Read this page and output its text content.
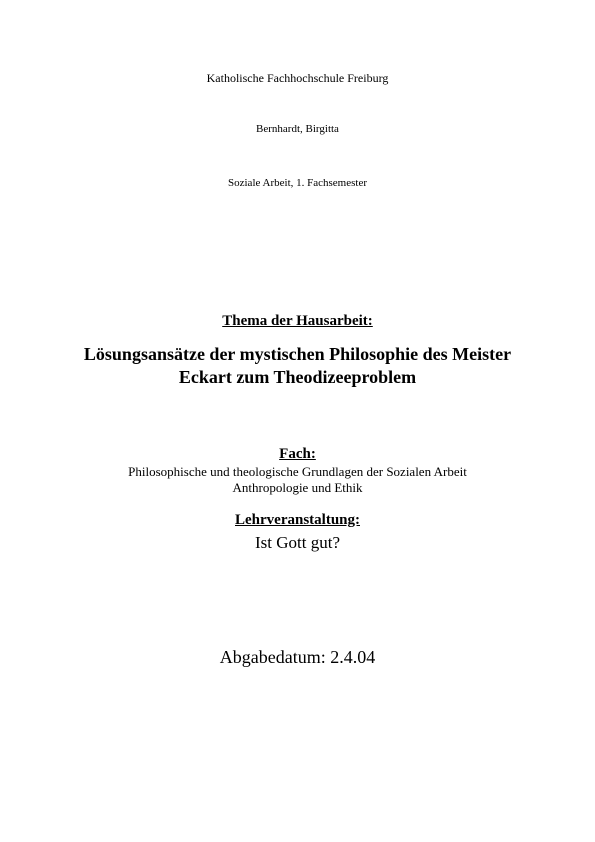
Katholische Fachhochschule Freiburg
Bernhardt, Birgitta
Soziale Arbeit, 1. Fachsemester
Thema der Hausarbeit:
Lösungsansätze der mystischen Philosophie des Meister
Eckart zum Theodizeeproblem
Fach:
Philosophische und theologische Grundlagen der Sozialen Arbeit
Anthropologie und Ethik
Lehrveranstaltung:
Ist Gott gut?
Abgabedatum: 2.4.04
